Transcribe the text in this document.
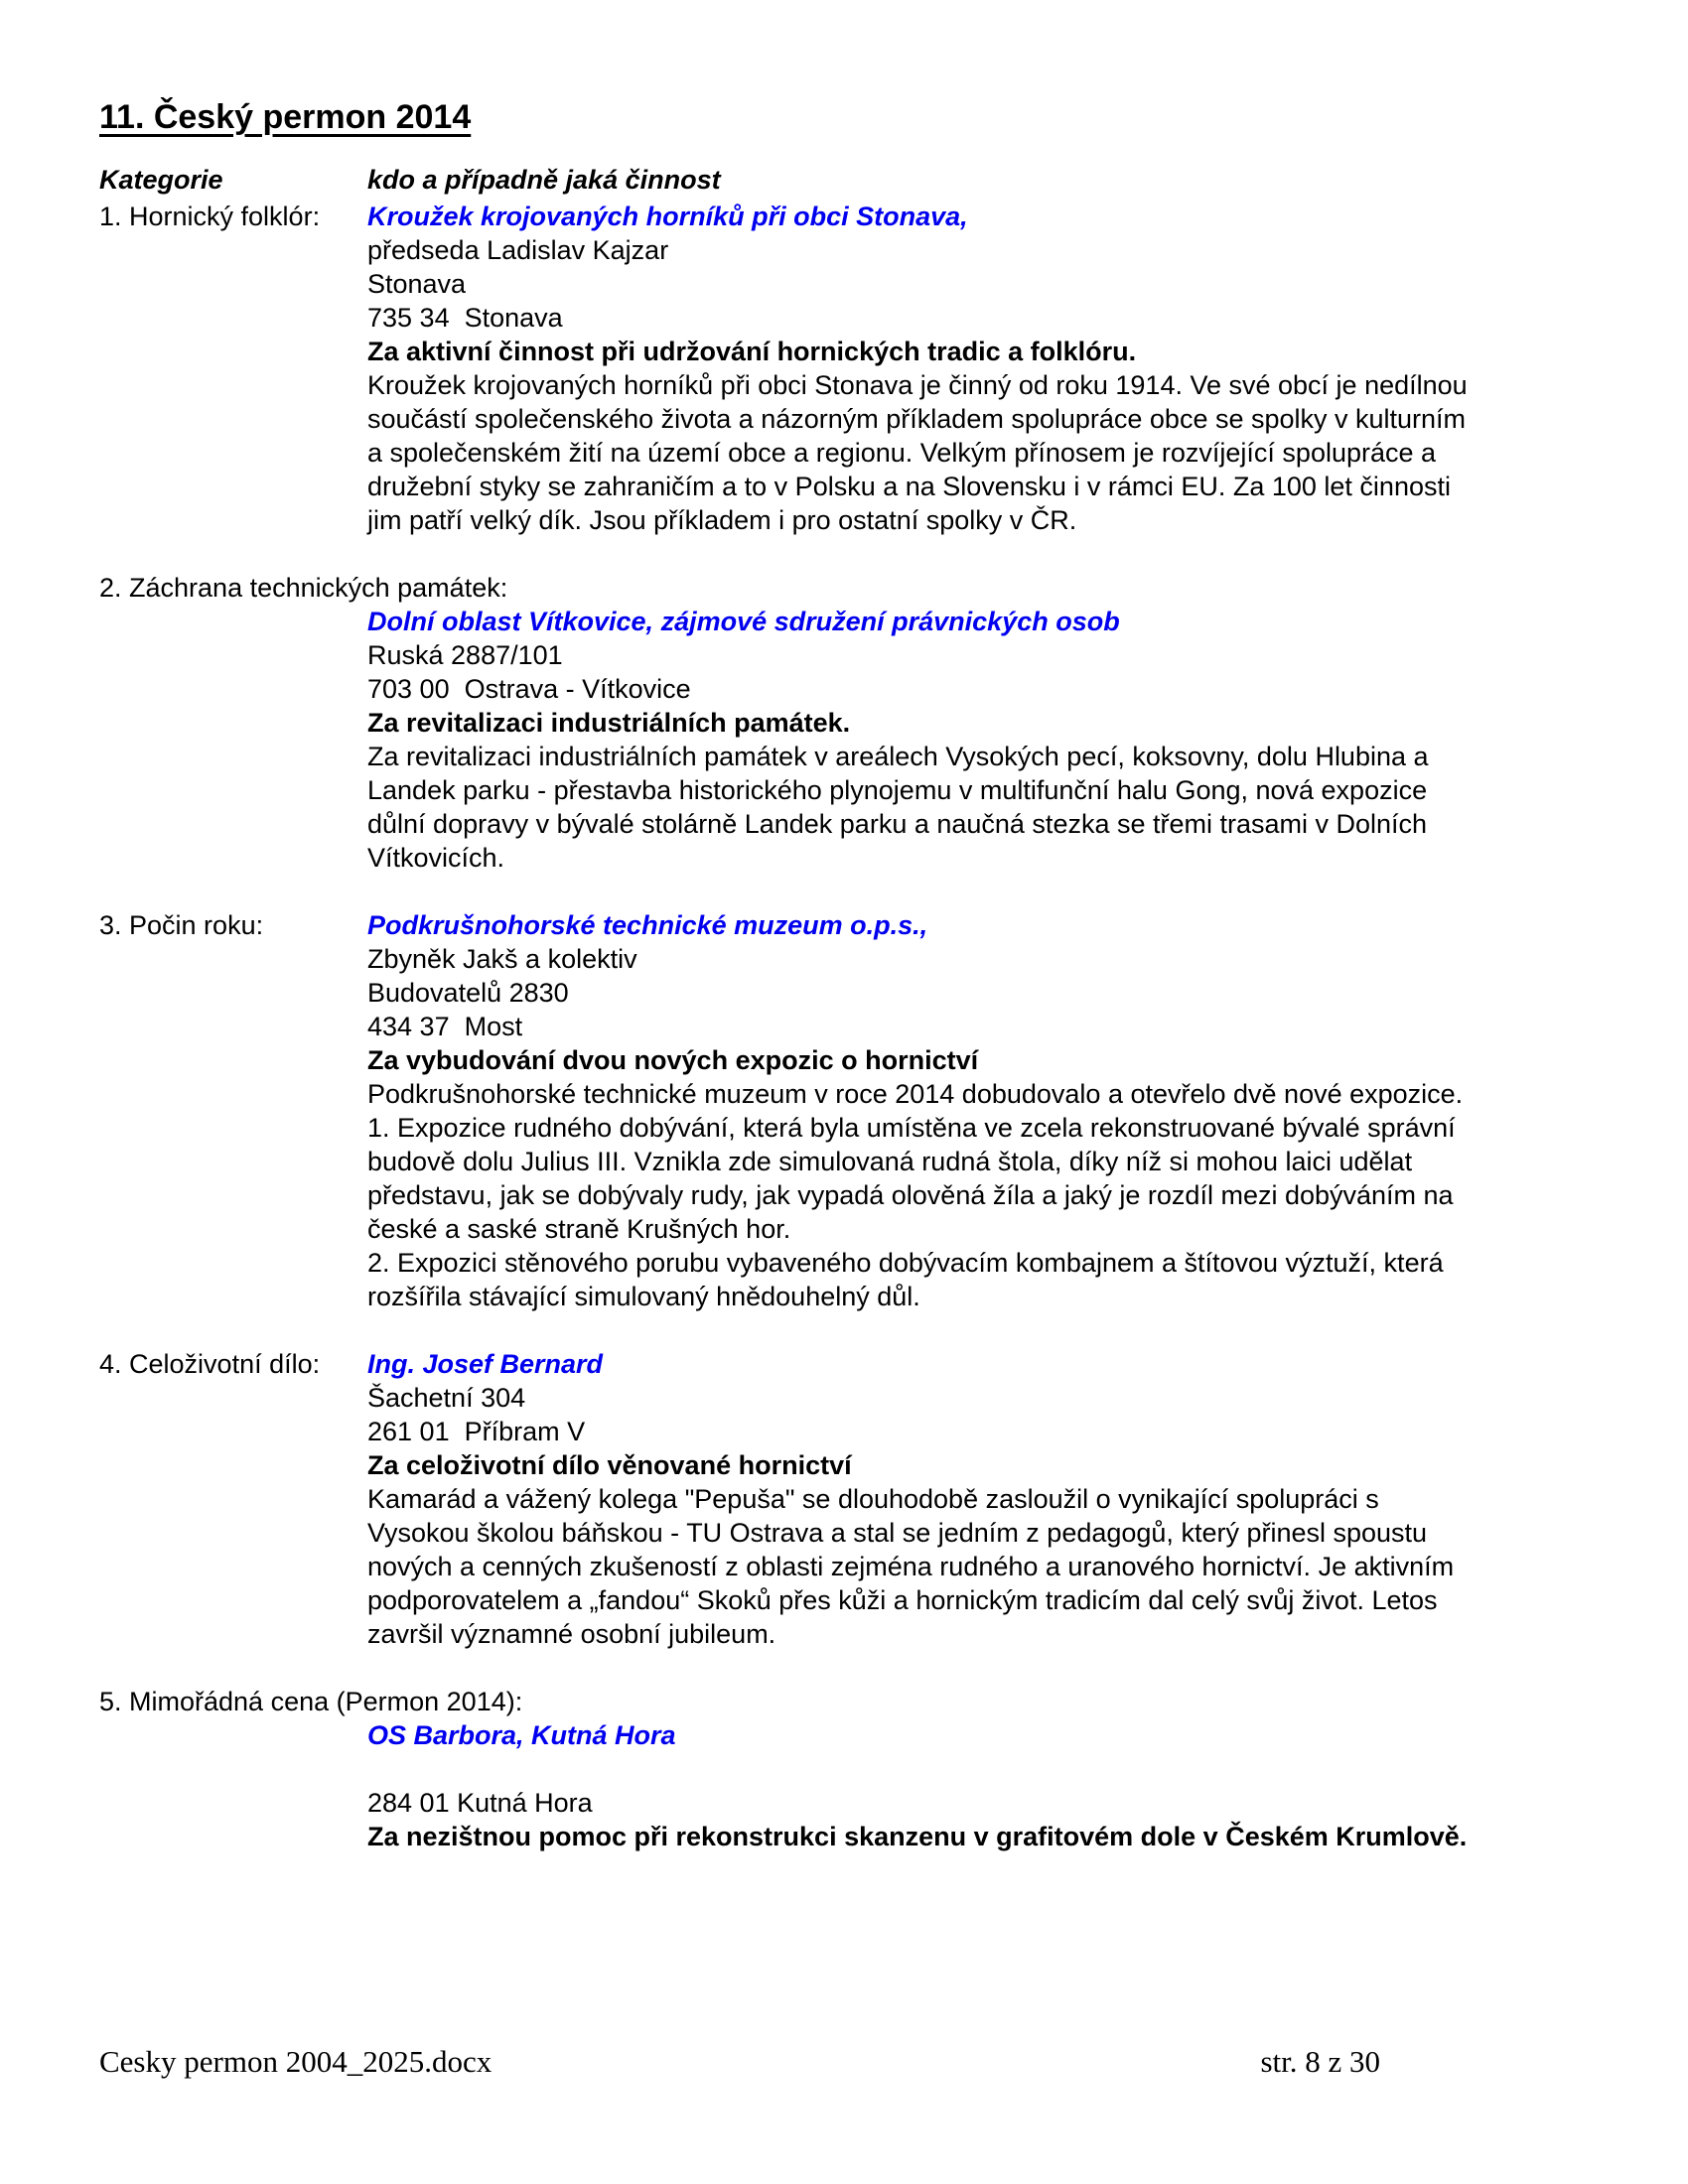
11. Český permon 2014
Kategorie	kdo a případně jaká činnost
1. Hornický folklór:	Kroužek krojovaných horníků při obci Stonava,
předseda Ladislav Kajzar
Stonava
735 34  Stonava
Za aktivní činnost při udržování hornických tradic a folklóru.
Kroužek krojovaných horníků při obci Stonava je činný od roku 1914. Ve své obcí je nedílnou součástí společenského života a názorným příkladem spolupráce obce se spolky v kulturním a společenském žití na území obce a regionu. Velkým přínosem je rozvíjející spolupráce a družební styky se zahraničím a to v Polsku a na Slovensku i v rámci EU. Za 100 let činnosti jim patří velký dík. Jsou příkladem i pro ostatní spolky v ČR.
2. Záchrana technických památek:
Dolní oblast Vítkovice, zájmové sdružení právnických osob
Ruská 2887/101
703 00  Ostrava - Vítkovice
Za revitalizaci industriálních památek.
Za revitalizaci industriálních památek v areálech Vysokých pecí, koksovny, dolu Hlubina a Landek parku - přestavba historického plynojemu v multifunční halu Gong, nová expozice důlní dopravy v bývalé stolárně Landek parku a naučná stezka se třemi trasami v Dolních Vítkovicích.
3. Počin roku:	Podkrušnohorské technické muzeum o.p.s.,
Zbyněk Jakš a kolektiv
Budovatelů 2830
434 37  Most
Za vybudování dvou nových expozic o hornictví
Podkrušnohorské technické muzeum v roce 2014 dobudovalo a otevřelo dvě nové expozice.
1. Expozice rudného dobývání, která byla umístěna ve zcela rekonstruované bývalé správní budově dolu Julius III. Vznikla zde simulovaná rudná štola, díky níž si mohou laici udělat představu, jak se dobývaly rudy, jak vypadá olověná žíla a jaký je rozdíl mezi dobýváním na české a saské straně Krušných hor.
2. Expozici stěnového porubu vybaveného dobývacím kombajnem a štítovou výztuží, která rozšířila stávající simulovaný hnědouhelný důl.
4. Celoživotní dílo:	Ing. Josef Bernard
Šachetní 304
261 01  Příbram V
Za celoživotní dílo věnované hornictví
Kamarád a vážený kolega "Pepuša" se dlouhodobě zasloužil o vynikající spolupráci s Vysokou školou báňskou - TU Ostrava a stal se jedním z pedagogů, který přinesl spoustu nových a cenných zkušeností z oblasti zejména rudného a uranového hornictví. Je aktivním podporovatelem a „fandou“ Skoků přes kůži a hornickým tradicím dal celý svůj život. Letos završil významné osobní jubileum.
5. Mimořádná cena (Permon 2014):
OS Barbora, Kutná Hora
284 01 Kutná Hora
Za nezištnou pomoc při rekonstrukci skanzenu v grafitovém dole v Českém Krumlově.
Cesky permon 2004_2025.docx	str. 8 z 30
